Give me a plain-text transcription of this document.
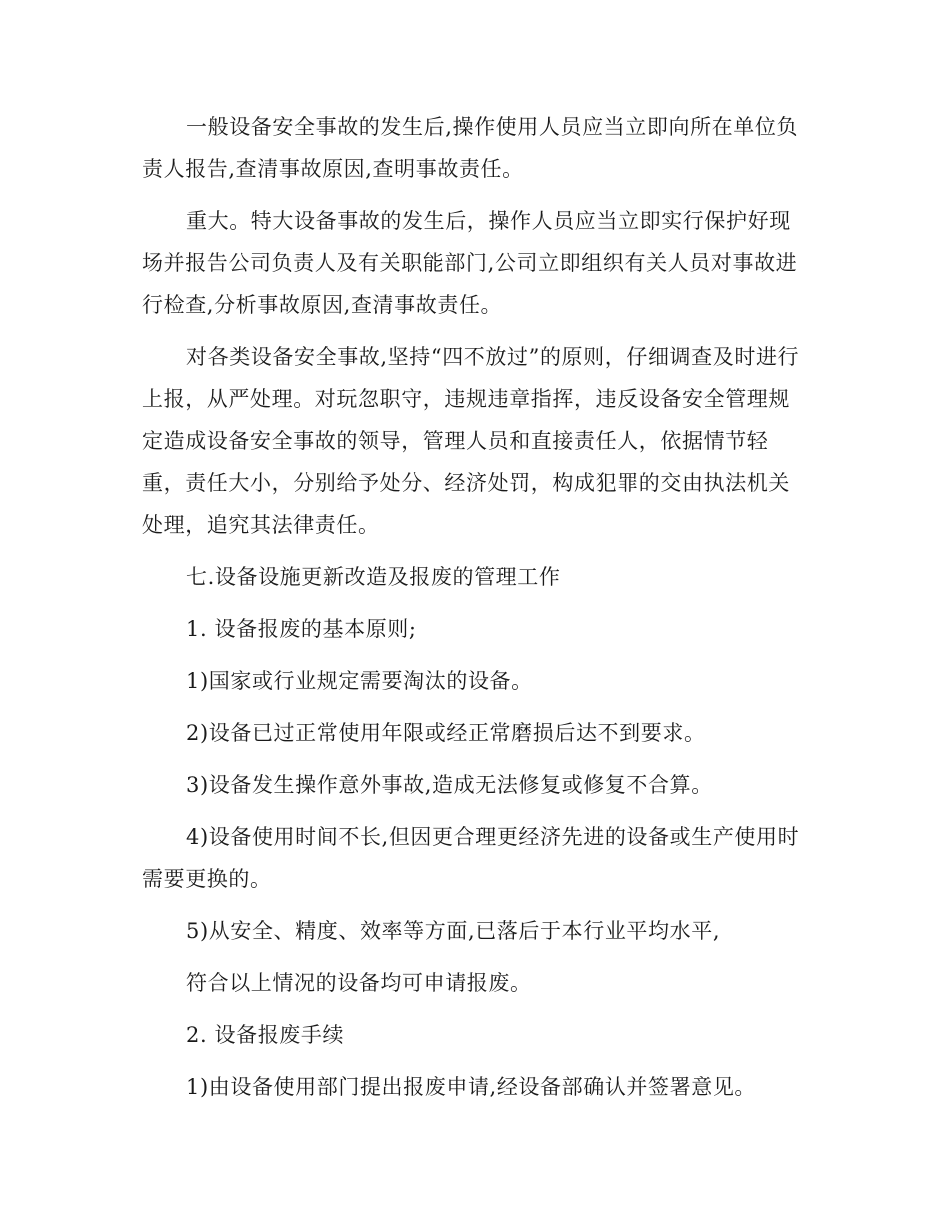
一般设备安全事故的发生后,操作使用人员应当立即向所在单位负责人报告,查清事故原因,查明事故责任。

重大。特大设备事故的发生后，操作人员应当立即实行保护好现场并报告公司负责人及有关职能部门,公司立即组织有关人员对事故进行检查,分析事故原因,查清事故责任。

对各类设备安全事故,坚持“四不放过”的原则，仔细调查及时进行上报，从严处理。对玩忽职守，违规违章指挥，违反设备安全管理规定造成设备安全事故的领导，管理人员和直接责任人，依据情节轻重，责任大小，分别给予处分、经济处罚，构成犯罪的交由执法机关处理，追究其法律责任。

七.设备设施更新改造及报废的管理工作

1. 设备报废的基本原则;

1)国家或行业规定需要淘汰的设备。

2)设备已过正常使用年限或经正常磨损后达不到要求。

3)设备发生操作意外事故,造成无法修复或修复不合算。

4)设备使用时间不长,但因更合理更经济先进的设备或生产使用时需要更换的。

5)从安全、精度、效率等方面,已落后于本行业平均水平,

符合以上情况的设备均可申请报废。

2. 设备报废手续

1)由设备使用部门提出报废申请,经设备部确认并签署意见。
